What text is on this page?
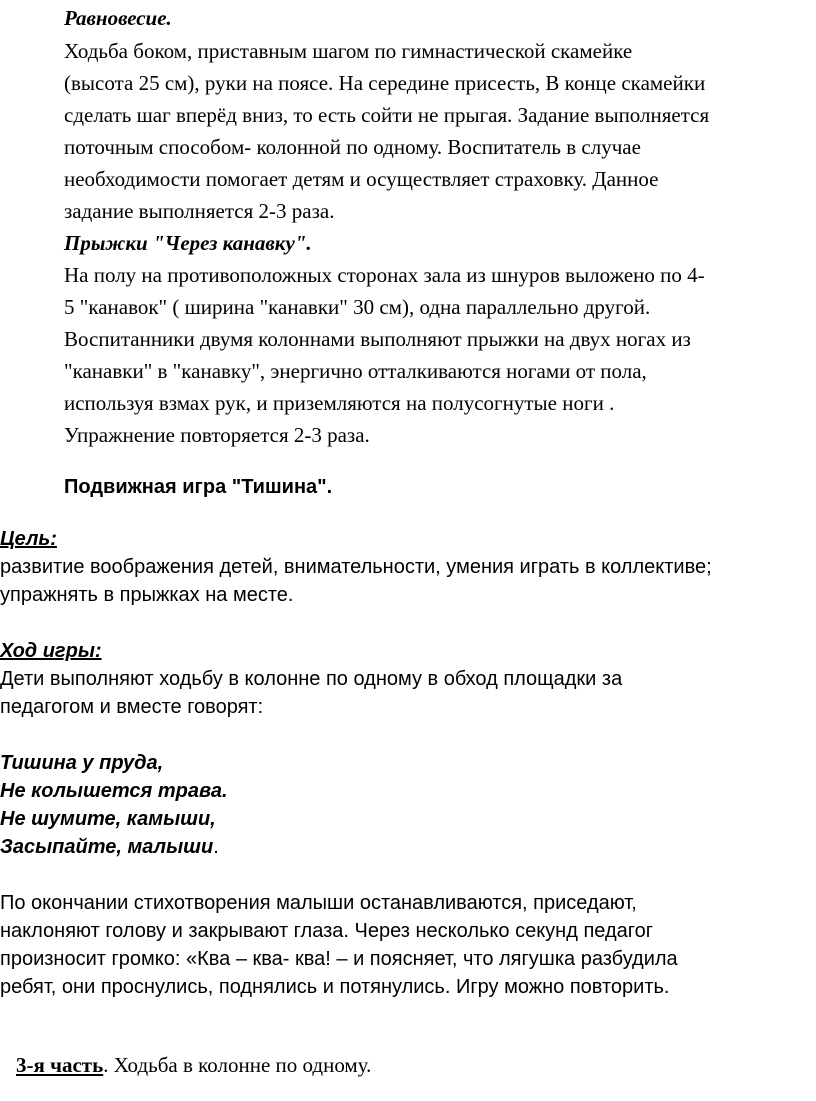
Равновесие.
Ходьба боком, приставным шагом по гимнастической скамейке
(высота 25 см), руки на поясе. На середине присесть, В конце скамейки
сделать шаг вперёд вниз, то есть сойти не прыгая. Задание выполняется
поточным способом- колонной по одному. Воспитатель в случае
необходимости помогает детям и осуществляет страховку. Данное
задание выполняется 2-3 раза.
Прыжки "Через канавку".
На полу на противоположных сторонах зала из шнуров выложено по 4-
5 "канавок" ( ширина "канавки" 30 см), одна параллельно другой.
Воспитанники двумя колоннами выполняют прыжки на двух ногах из
"канавки" в "канавку", энергично отталкиваются ногами от пола,
используя взмах рук, и приземляются на полусогнутые ноги .
Упражнение повторяется 2-3 раза.
Подвижная игра "Тишина".
Цель:
развитие воображения детей, внимательности, умения играть в коллективе;
упражнять в прыжках на месте.
Ход игры:
Дети выполняют ходьбу в колонне по одному в обход площадки за
педагогом и вместе говорят:
Тишина у пруда,
Не колышется трава.
Не шумите, камыши,
Засыпайте, малыши.
По окончании стихотворения малыши останавливаются, приседают,
наклоняют голову и закрывают глаза. Через несколько секунд педагог
произносит громко: «Ква – ква- ква! – и поясняет, что лягушка разбудила
ребят, они проснулись, поднялись и потянулись. Игру можно повторить.
3-я часть. Ходьба в колонне по одному.
